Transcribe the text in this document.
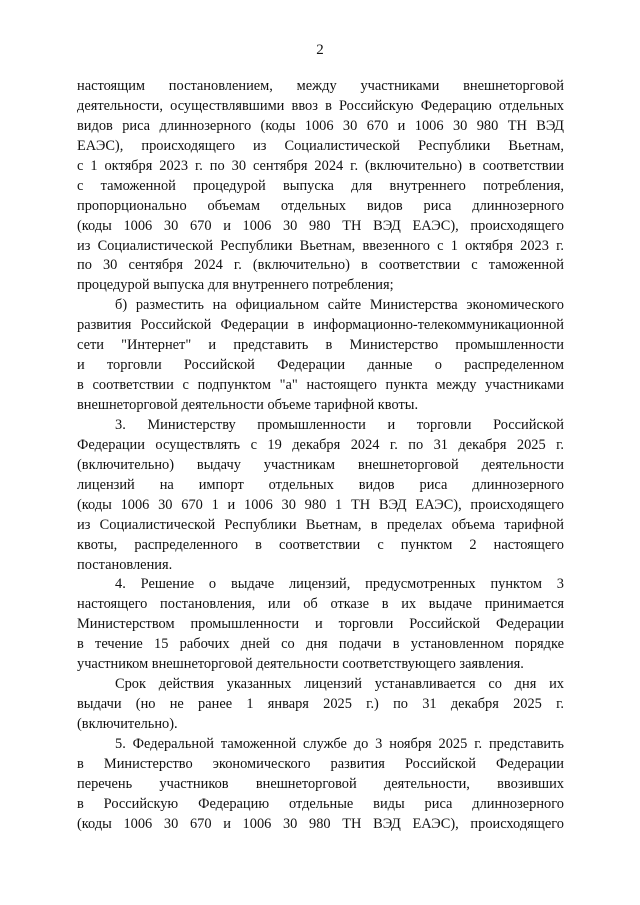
2
настоящим постановлением, между участниками внешнеторговой
деятельности, осуществлявшими ввоз в Российскую Федерацию отдельных
видов риса длиннозерного (коды 1006 30 670 и 1006 30 980 ТН ВЭД
ЕАЭС), происходящего из Социалистической Республики Вьетнам,
с 1 октября 2023 г. по 30 сентября 2024 г. (включительно) в соответствии
с таможенной процедурой выпуска для внутреннего потребления,
пропорционально объемам отдельных видов риса длиннозерного
(коды 1006 30 670 и 1006 30 980 ТН ВЭД ЕАЭС), происходящего
из Социалистической Республики Вьетнам, ввезенного с 1 октября 2023 г.
по 30 сентября 2024 г. (включительно) в соответствии с таможенной
процедурой выпуска для внутреннего потребления;
б) разместить на официальном сайте Министерства экономического
развития Российской Федерации в информационно-телекоммуникационной
сети "Интернет" и представить в Министерство промышленности
и торговли Российской Федерации данные о распределенном
в соответствии с подпунктом "а" настоящего пункта между участниками
внешнеторговой деятельности объеме тарифной квоты.
3. Министерству промышленности и торговли Российской
Федерации осуществлять с 19 декабря 2024 г. по 31 декабря 2025 г.
(включительно) выдачу участникам внешнеторговой деятельности
лицензий на импорт отдельных видов риса длиннозерного
(коды 1006 30 670 1 и 1006 30 980 1 ТН ВЭД ЕАЭС), происходящего
из Социалистической Республики Вьетнам, в пределах объема тарифной
квоты, распределенного в соответствии с пунктом 2 настоящего
постановления.
4. Решение о выдаче лицензий, предусмотренных пунктом 3
настоящего постановления, или об отказе в их выдаче принимается
Министерством промышленности и торговли Российской Федерации
в течение 15 рабочих дней со дня подачи в установленном порядке
участником внешнеторговой деятельности соответствующего заявления.
Срок действия указанных лицензий устанавливается со дня их
выдачи (но не ранее 1 января 2025 г.) по 31 декабря 2025 г.
(включительно).
5. Федеральной таможенной службе до 3 ноября 2025 г. представить
в Министерство экономического развития Российской Федерации
перечень участников внешнеторговой деятельности, ввозивших
в Российскую Федерацию отдельные виды риса длиннозерного
(коды 1006 30 670 и 1006 30 980 ТН ВЭД ЕАЭС), происходящего
